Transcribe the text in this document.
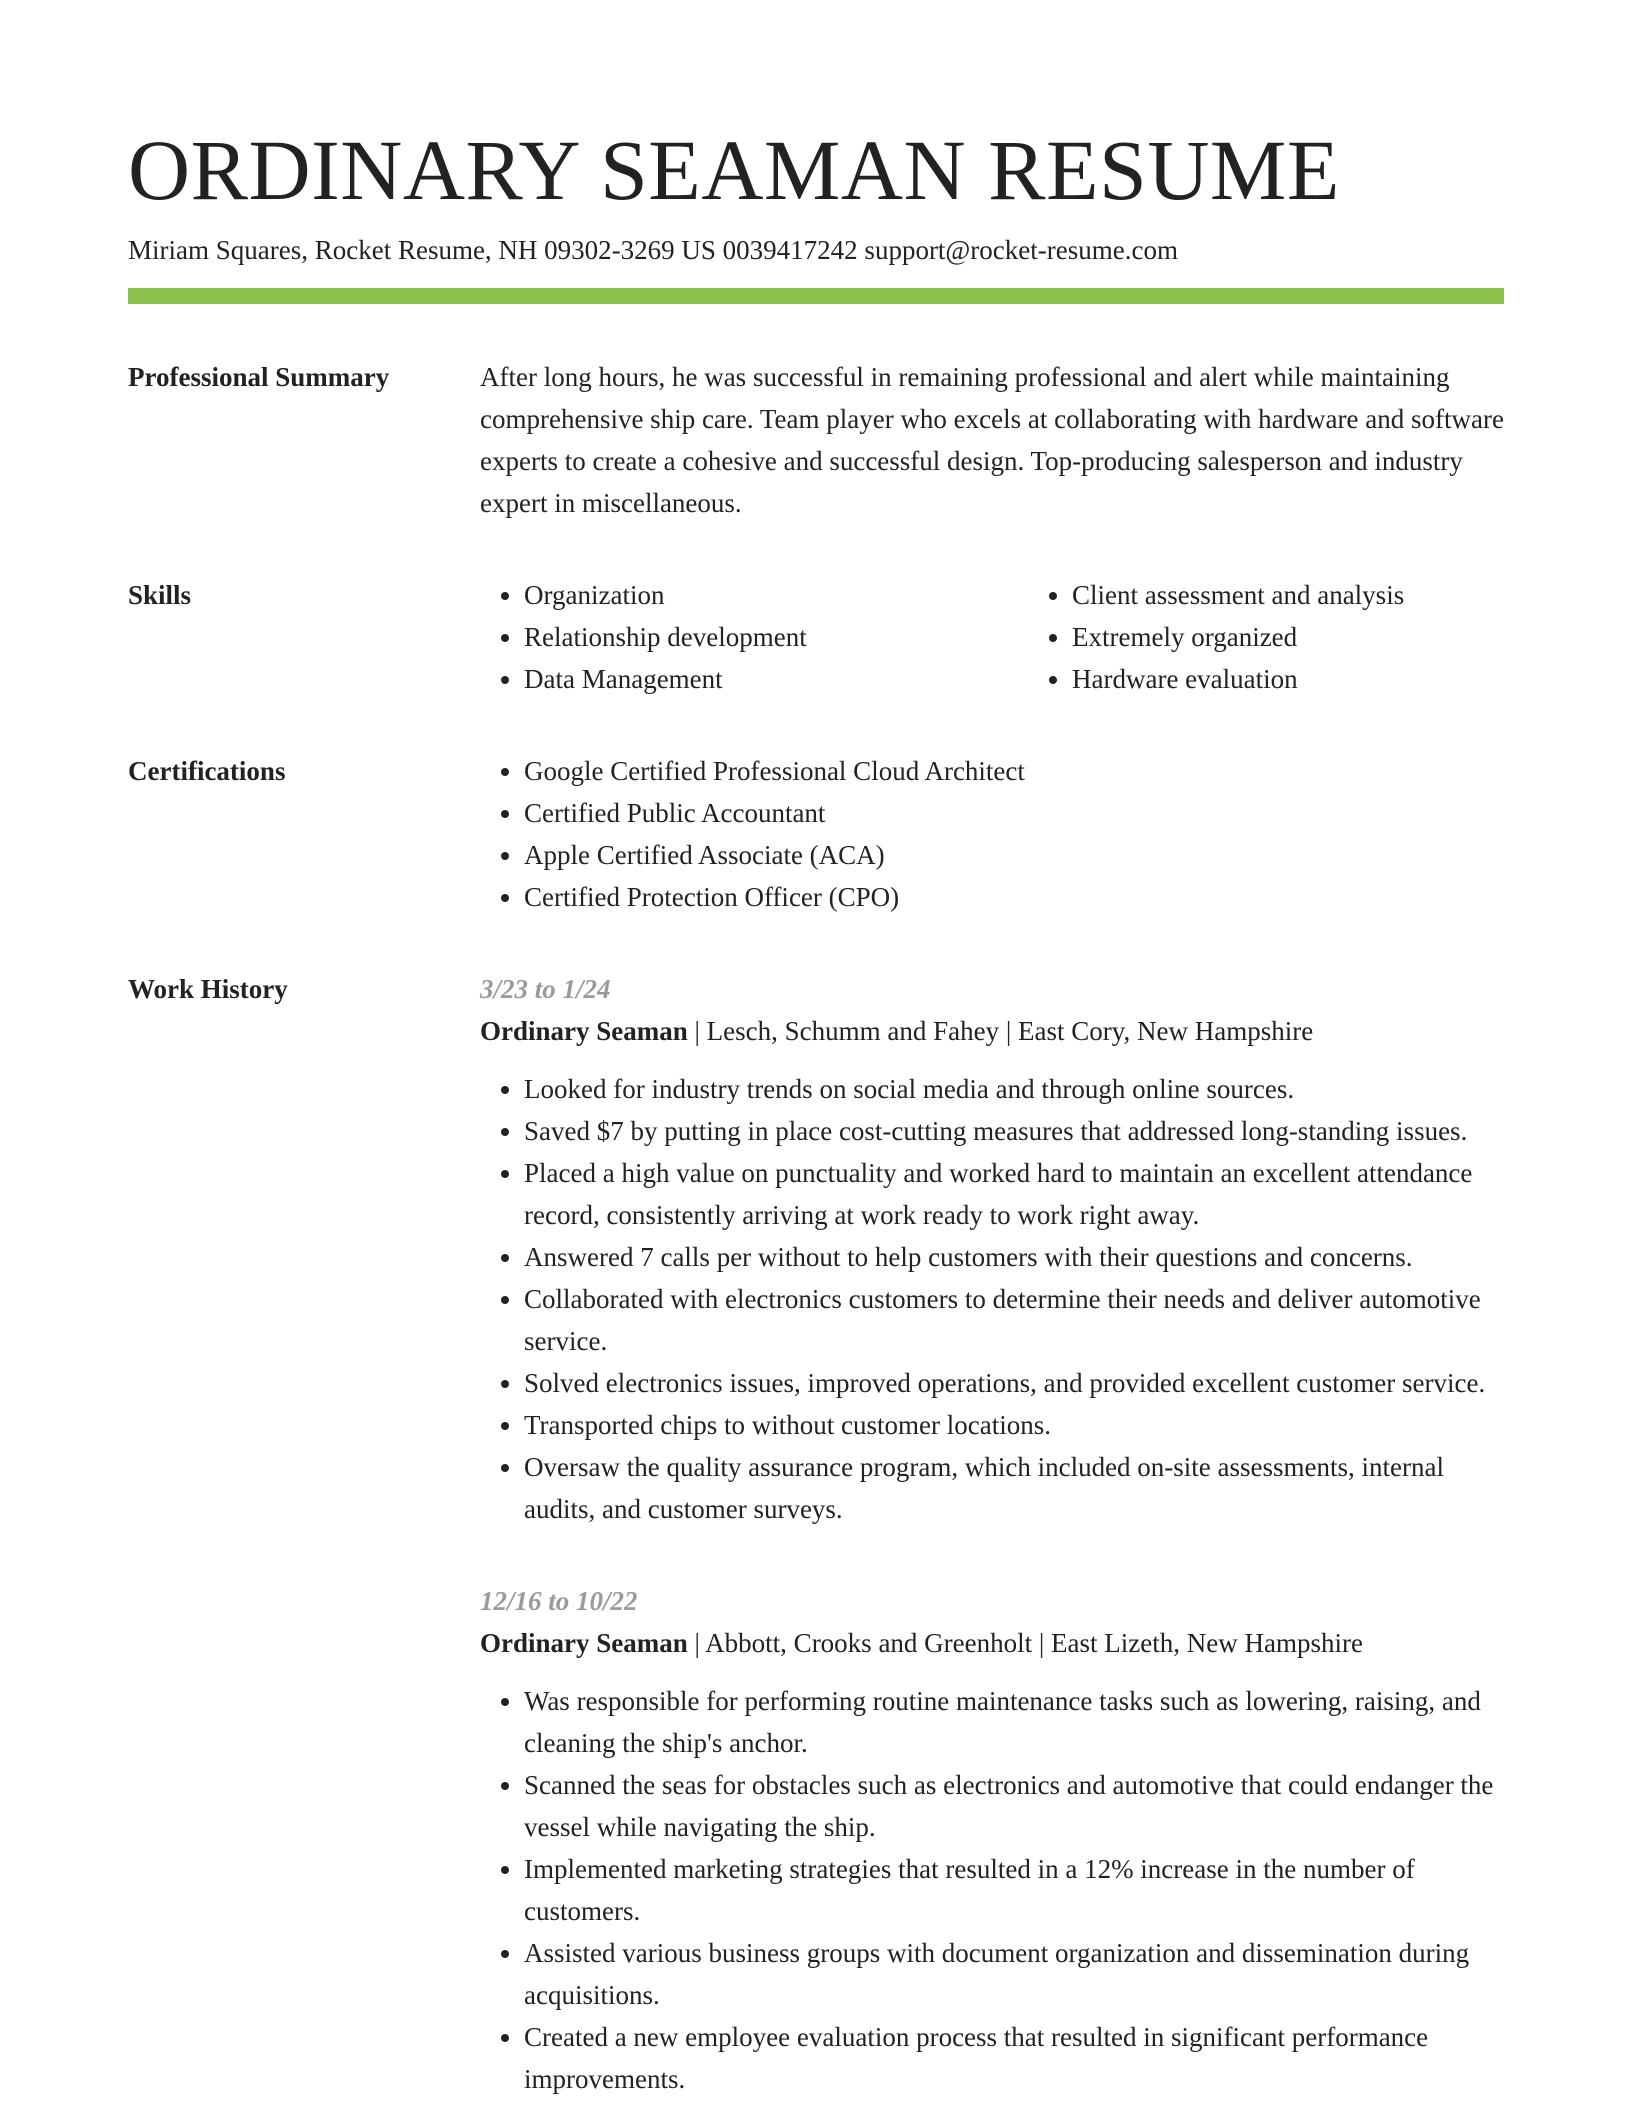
ORDINARY SEAMAN RESUME
Miriam Squares, Rocket Resume, NH 09302-3269 US 0039417242 support@rocket-resume.com
Professional Summary	After long hours, he was successful in remaining professional and alert while maintaining comprehensive ship care. Team player who excels at collaborating with hardware and software experts to create a cohesive and successful design. Top-producing salesperson and industry expert in miscellaneous.

Skills	• Organization
• Relationship development
• Data Management
• Client assessment and analysis
• Extremely organized
• Hardware evaluation
Certifications	• Google Certified Professional Cloud Architect
• Certified Public Accountant
• Apple Certified Associate (ACA)
• Certified Protection Officer (CPO)
Work History	3/23 to 1/24
Ordinary Seaman | Lesch, Schumm and Fahey | East Cory, New Hampshire
• Looked for industry trends on social media and through online sources.
• Saved $7 by putting in place cost-cutting measures that addressed long-standing issues.
• Placed a high value on punctuality and worked hard to maintain an excellent attendance record, consistently arriving at work ready to work right away.
• Answered 7 calls per without to help customers with their questions and concerns.
• Collaborated with electronics customers to determine their needs and deliver automotive service.
• Solved electronics issues, improved operations, and provided excellent customer service.
• Transported chips to without customer locations.
• Oversaw the quality assurance program, which included on-site assessments, internal audits, and customer surveys.
12/16 to 10/22
Ordinary Seaman | Abbott, Crooks and Greenholt | East Lizeth, New Hampshire
• Was responsible for performing routine maintenance tasks such as lowering, raising, and cleaning the ship's anchor.
• Scanned the seas for obstacles such as electronics and automotive that could endanger the vessel while navigating the ship.
• Implemented marketing strategies that resulted in a 12% increase in the number of customers.
• Assisted various business groups with document organization and dissemination during acquisitions.
• Created a new employee evaluation process that resulted in significant performance improvements.
